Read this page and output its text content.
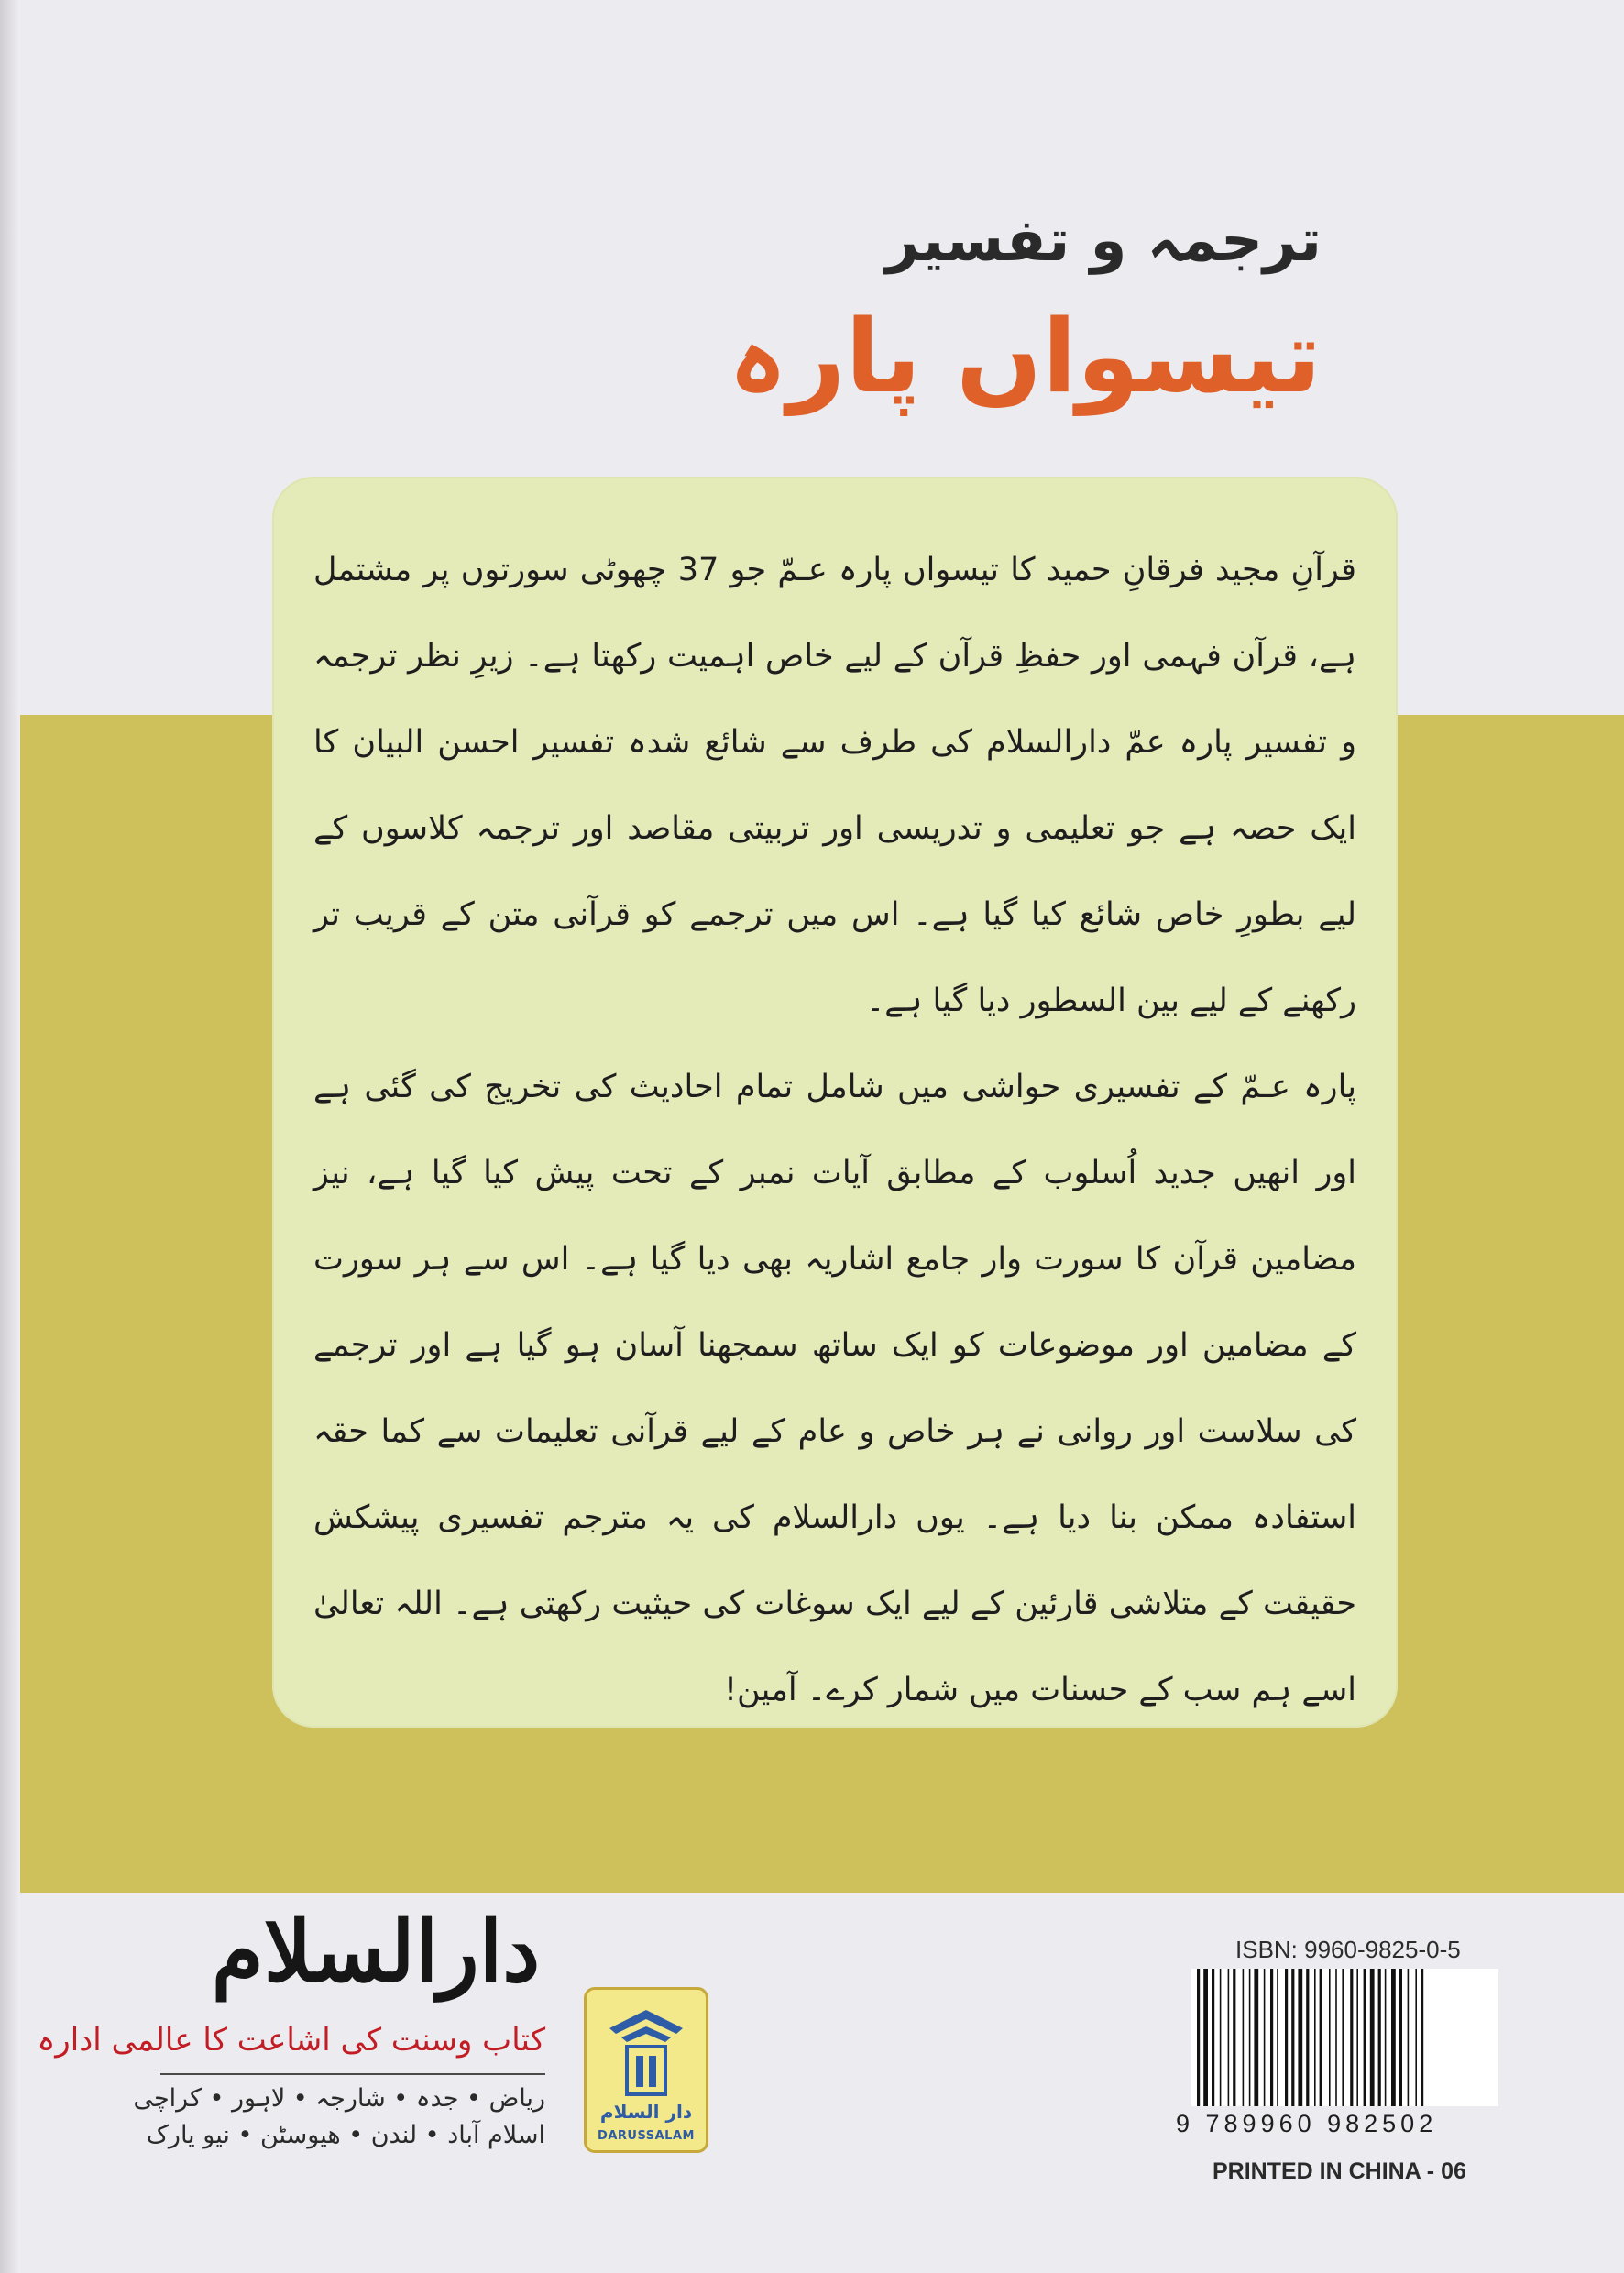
ترجمہ و تفسیر
تیسواں پارہ

قرآنِ مجید فرقانِ حمید کا تیسواں پارہ عـمّ جو 37 چھوٹی سورتوں پر مشتمل ہے، قرآن فہمی اور حفظِ قرآن کے لیے خاص اہمیت رکھتا ہے۔ زیرِ نظر ترجمہ و تفسیر پارہ عمّ دارالسلام کی طرف سے شائع شدہ تفسیر احسن البیان کا ایک حصہ ہے جو تعلیمی و تدریسی اور تربیتی مقاصد اور ترجمہ کلاسوں کے لیے بطورِ خاص شائع کیا گیا ہے۔ اس میں ترجمے کو قرآنی متن کے قریب تر رکھنے کے لیے بین السطور دیا گیا ہے۔

پارہ عـمّ کے تفسیری حواشی میں شامل تمام احادیث کی تخریج کی گئی ہے اور انھیں جدید اُسلوب کے مطابق آیات نمبر کے تحت پیش کیا گیا ہے، نیز مضامین قرآن کا سورت وار جامع اشاریہ بھی دیا گیا ہے۔ اس سے ہر سورت کے مضامین اور موضوعات کو ایک ساتھ سمجھنا آسان ہو گیا ہے اور ترجمے کی سلاست اور روانی نے ہر خاص و عام کے لیے قرآنی تعلیمات سے کما حقہ استفادہ ممکن بنا دیا ہے۔ یوں دارالسلام کی یہ مترجم تفسیری پیشکش حقیقت کے متلاشی قارئین کے لیے ایک سوغات کی حیثیت رکھتی ہے۔ اللہ تعالیٰ اسے ہم سب کے حسنات میں شمار کرے۔ آمین!

دارالسلام
کتاب وسنت کی اشاعت کا عالمی ادارہ
ریاض • جدہ • شارجہ • لاہور • کراچی
اسلام آباد • لندن • هیوسٹن • نیو یارک
دار السلام
DARUSSALAM
ISBN: 9960-9825-0-5
9 789960 982502
PRINTED IN CHINA - 06
